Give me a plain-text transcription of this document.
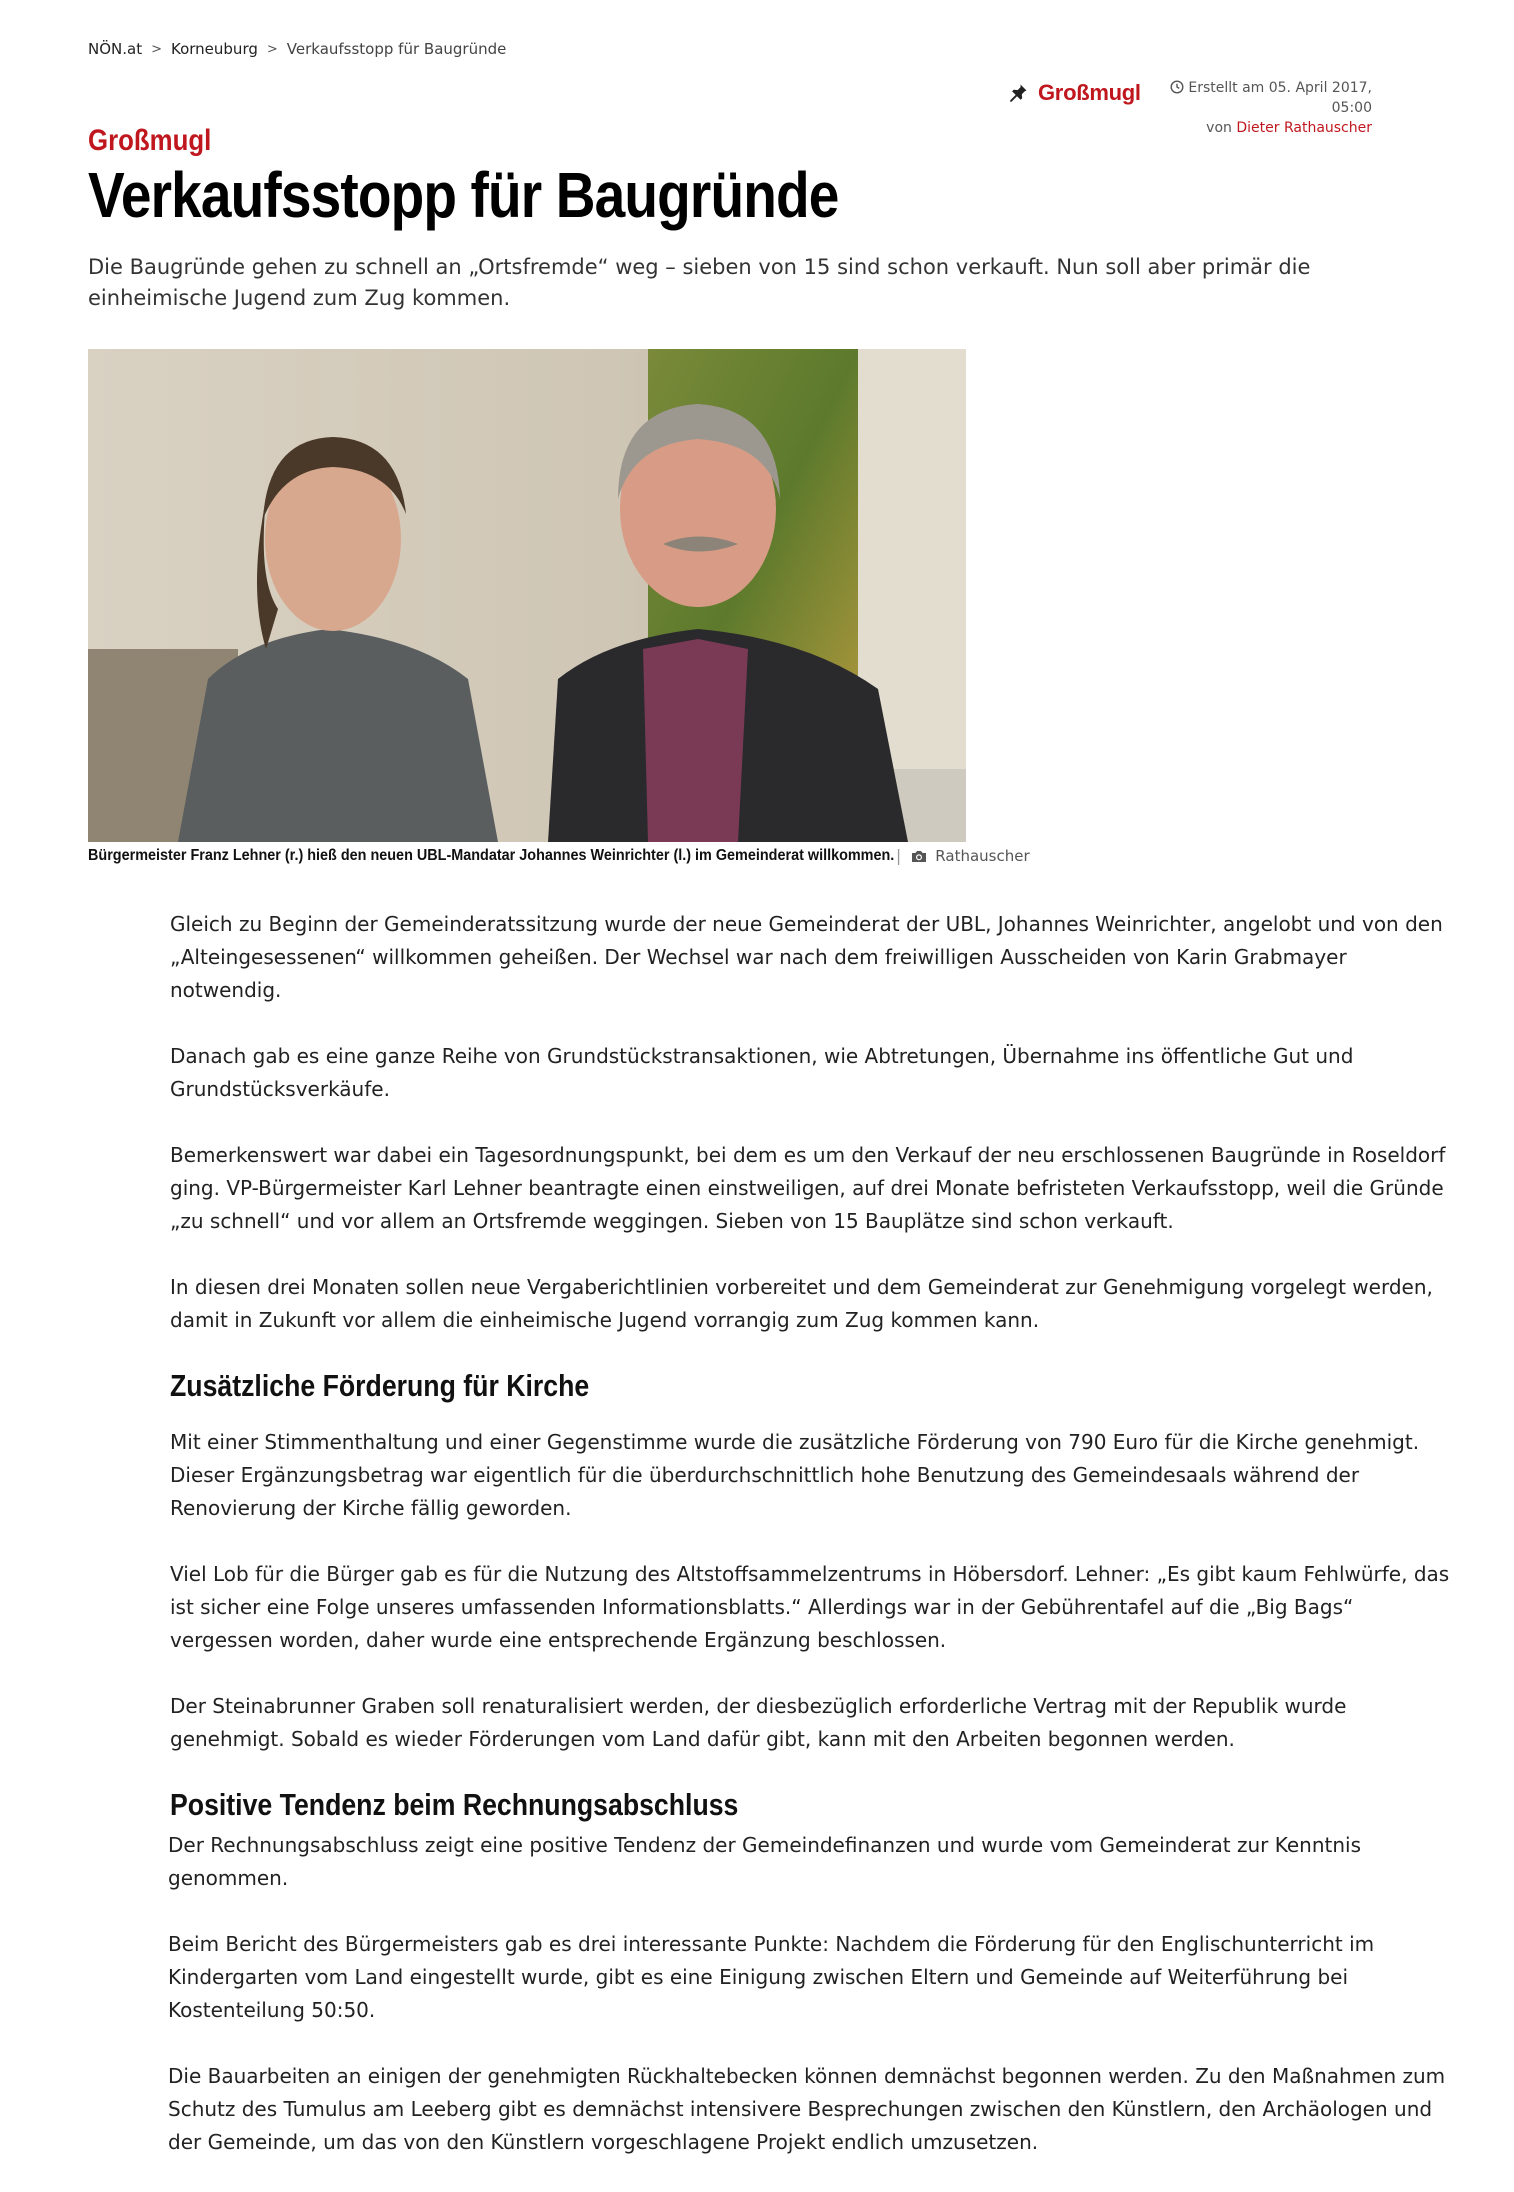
NÖN.at > Korneuburg > Verkaufsstopp für Baugründe
Großmugl	Erstellt am 05. April 2017, 05:00
von Dieter Rathauscher
Großmugl
Verkaufsstopp für Baugründe

Die Baugründe gehen zu schnell an „Ortsfremde“ weg – sieben von 15 sind schon verkauft. Nun soll aber primär die einheimische Jugend zum Zug kommen.

Bürgermeister Franz Lehner (r.) hieß den neuen UBL-Mandatar Johannes Weinrichter (l.) im Gemeinderat willkommen. | Rathauscher

Gleich zu Beginn der Gemeinderatssitzung wurde der neue Gemeinderat der UBL, Johannes Weinrichter, angelobt und von den „Alteingesessenen“ willkommen geheißen. Der Wechsel war nach dem freiwilligen Ausscheiden von Karin Grabmayer notwendig.

Danach gab es eine ganze Reihe von Grundstückstransaktionen, wie Abtretungen, Übernahme ins öffentliche Gut und Grundstücksverkäufe.

Bemerkenswert war dabei ein Tagesordnungspunkt, bei dem es um den Verkauf der neu erschlossenen Baugründe in Roseldorf ging. VP-Bürgermeister Karl Lehner beantragte einen einstweiligen, auf drei Monate befristeten Verkaufsstopp, weil die Gründe „zu schnell“ und vor allem an Ortsfremde weggingen. Sieben von 15 Bauplätze sind schon verkauft.

In diesen drei Monaten sollen neue Vergaberichtlinien vorbereitet und dem Gemeinderat zur Genehmigung vorgelegt werden, damit in Zukunft vor allem die einheimische Jugend vorrangig zum Zug kommen kann.

Zusätzliche Förderung für Kirche

Mit einer Stimmenthaltung und einer Gegenstimme wurde die zusätzliche Förderung von 790 Euro für die Kirche genehmigt. Dieser Ergänzungsbetrag war eigentlich für die überdurchschnittlich hohe Benutzung des Gemeindesaals während der Renovierung der Kirche fällig geworden.

Viel Lob für die Bürger gab es für die Nutzung des Altstoffsammelzentrums in Höbersdorf. Lehner: „Es gibt kaum Fehlwürfe, das ist sicher eine Folge unseres umfassenden Informationsblatts.“ Allerdings war in der Gebührentafel auf die „Big Bags“ vergessen worden, daher wurde eine entsprechende Ergänzung beschlossen.

Der Steinabrunner Graben soll renaturalisiert werden, der diesbezüglich erforderliche Vertrag mit der Republik wurde genehmigt. Sobald es wieder Förderungen vom Land dafür gibt, kann mit den Arbeiten begonnen werden.

Positive Tendenz beim Rechnungsabschluss

Der Rechnungsabschluss zeigt eine positive Tendenz der Gemeindefinanzen und wurde vom Gemeinderat zur Kenntnis genommen.

Beim Bericht des Bürgermeisters gab es drei interessante Punkte: Nachdem die Förderung für den Englischunterricht im Kindergarten vom Land eingestellt wurde, gibt es eine Einigung zwischen Eltern und Gemeinde auf Weiterführung bei Kostenteilung 50:50.

Die Bauarbeiten an einigen der genehmigten Rückhaltebecken können demnächst begonnen werden. Zu den Maßnahmen zum Schutz des Tumulus am Leeberg gibt es demnächst intensivere Besprechungen zwischen den Künstlern, den Archäologen und der Gemeinde, um das von den Künstlern vorgeschlagene Projekt endlich umzusetzen.
